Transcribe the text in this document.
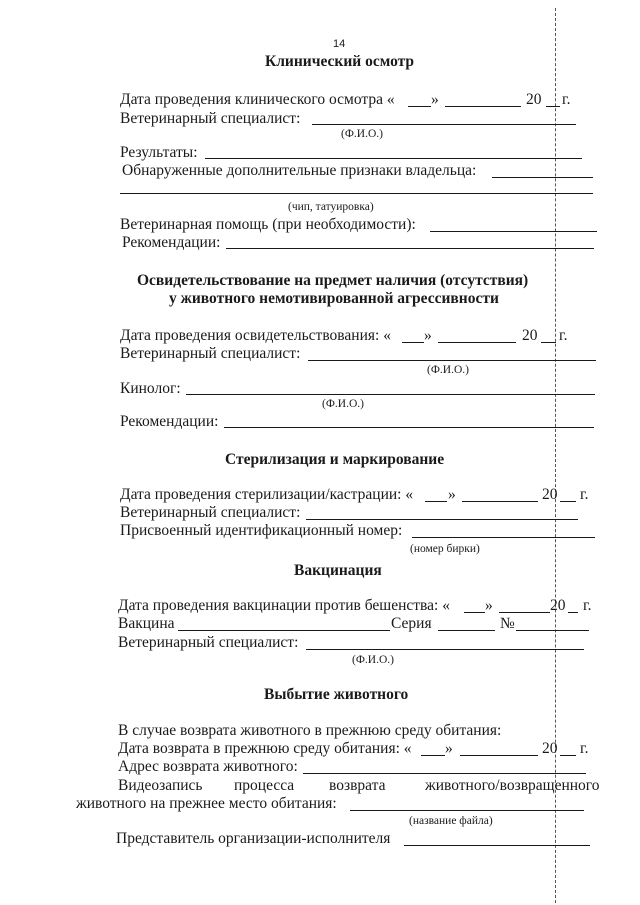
14
Клинический осмотр
Дата проведения клинического осмотра « »	20 г.
Ветеринарный специалист:
(Ф.И.О.)
Результаты:
Обнаруженные дополнительные признаки владельца:
(чип, татуировка)
Ветеринарная помощь (при необходимости):
Рекомендации:
Освидетельствование на предмет наличия (отсутствия)
у животного немотивированной агрессивности
Дата проведения освидетельствования: « »	20 г.
Ветеринарный специалист:
(Ф.И.О.)
Кинолог:
(Ф.И.О.)
Рекомендации:
Стерилизация и маркирование
Дата проведения стерилизации/кастрации: « »	20 г.
Ветеринарный специалист:
Присвоенный идентификационный номер:
(номер бирки)
Вакцинация
Дата проведения вакцинации против бешенства: « »	20 г.
Вакцина	Серия	№
Ветеринарный специалист:
(Ф.И.О.)
Выбытие животного
В случае возврата животного в прежнюю среду обитания:
Дата возврата в прежнюю среду обитания: « »	20 г.
Адрес возврата животного:
Видеозапись процесса возврата	животного/возвращенного
животного на прежнее место обитания:
(название файла)
Представитель организации-исполнителя
